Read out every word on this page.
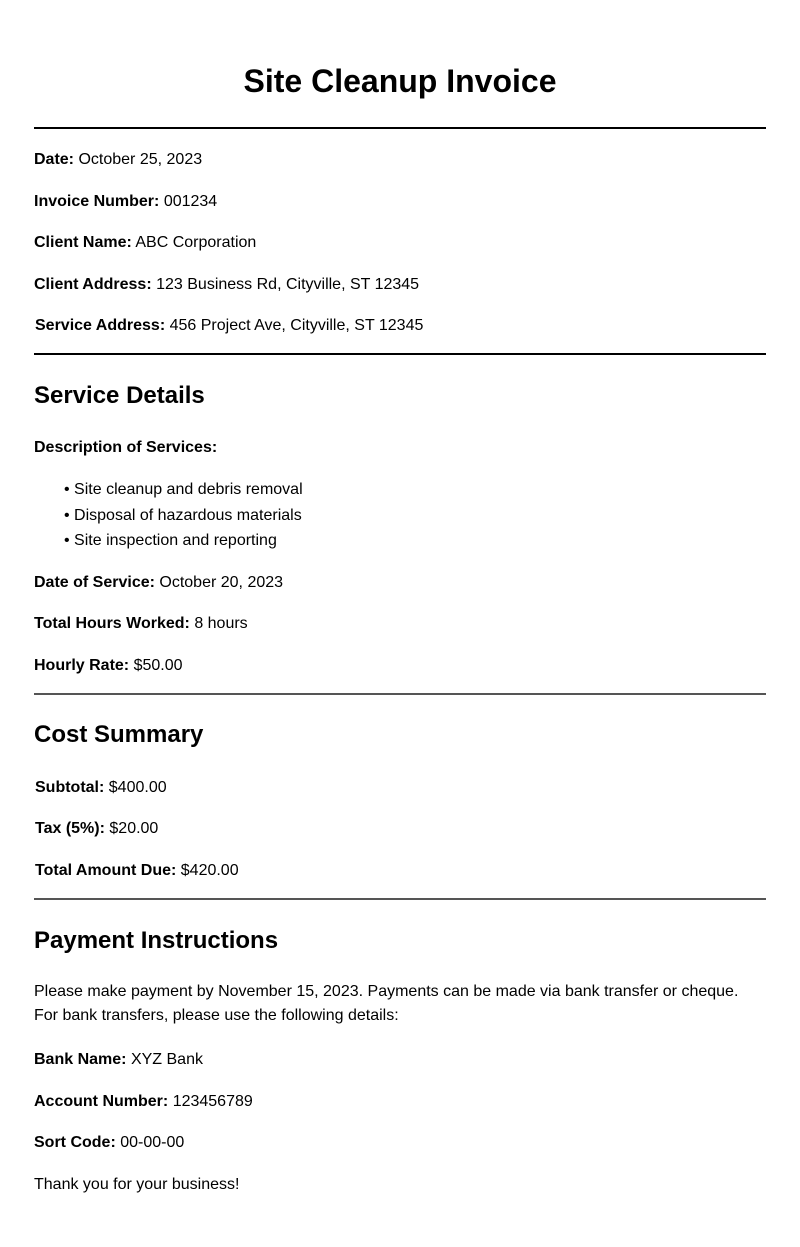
Site Cleanup Invoice
Date: October 25, 2023
Invoice Number: 001234
Client Name: ABC Corporation
Client Address: 123 Business Rd, Cityville, ST 12345
Service Address: 456 Project Ave, Cityville, ST 12345
Service Details
Description of Services:
• Site cleanup and debris removal
• Disposal of hazardous materials
• Site inspection and reporting
Date of Service: October 20, 2023
Total Hours Worked: 8 hours
Hourly Rate: $50.00
Cost Summary
Subtotal: $400.00
Tax (5%): $20.00
Total Amount Due: $420.00
Payment Instructions
Please make payment by November 15, 2023. Payments can be made via bank transfer or cheque. For bank transfers, please use the following details:
Bank Name: XYZ Bank
Account Number: 123456789
Sort Code: 00-00-00
Thank you for your business!
